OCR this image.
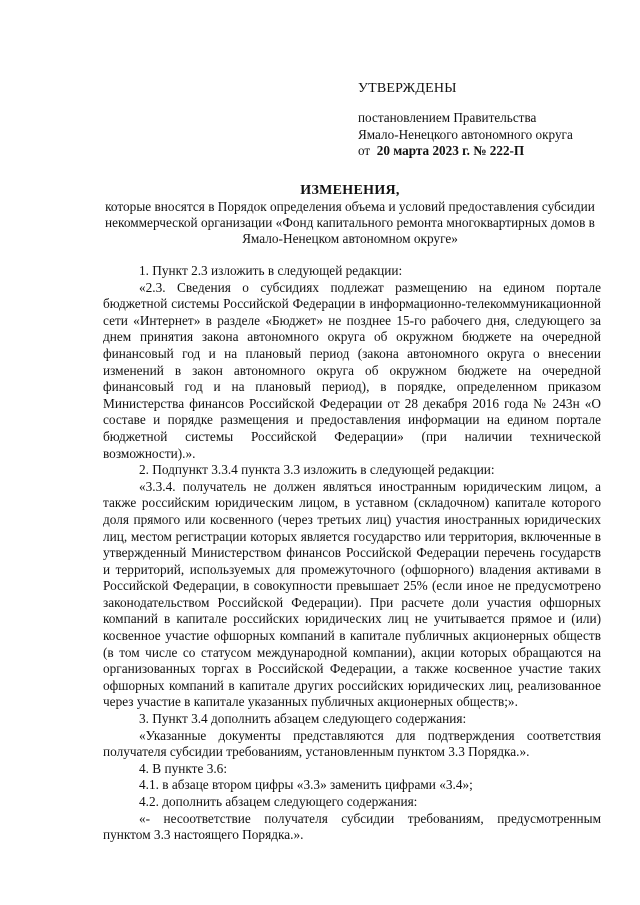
УТВЕРЖДЕНЫ
постановлением Правительства
Ямало-Ненецкого автономного округа
от 20 марта 2023 г. № 222-П
ИЗМЕНЕНИЯ,
которые вносятся в Порядок определения объема и условий предоставления субсидии некоммерческой организации «Фонд капитального ремонта многоквартирных домов в Ямало-Ненецком автономном округе»

1. Пункт 2.3 изложить в следующей редакции:

«2.3. Сведения о субсидиях подлежат размещению на едином портале бюджетной системы Российской Федерации в информационно-телекоммуникационной сети «Интернет» в разделе «Бюджет» не позднее 15-го рабочего дня, следующего за днем принятия закона автономного округа об окружном бюджете на очередной финансовый год и на плановый период (закона автономного округа о внесении изменений в закон автономного округа об окружном бюджете на очередной финансовый год и на плановый период), в порядке, определенном приказом Министерства финансов Российской Федерации от 28 декабря 2016 года № 243н «О составе и порядке размещения и предоставления информации на едином портале бюджетной системы Российской Федерации» (при наличии технической возможности).».

2. Подпункт 3.3.4 пункта 3.3 изложить в следующей редакции:

«3.3.4. получатель не должен являться иностранным юридическим лицом, а также российским юридическим лицом, в уставном (складочном) капитале которого доля прямого или косвенного (через третьих лиц) участия иностранных юридических лиц, местом регистрации которых является государство или территория, включенные в утвержденный Министерством финансов Российской Федерации перечень государств и территорий, используемых для промежуточного (офшорного) владения активами в Российской Федерации, в совокупности превышает 25% (если иное не предусмотрено законодательством Российской Федерации). При расчете доли участия офшорных компаний в капитале российских юридических лиц не учитывается прямое и (или) косвенное участие офшорных компаний в капитале публичных акционерных обществ (в том числе со статусом международной компании), акции которых обращаются на организованных торгах в Российской Федерации, а также косвенное участие таких офшорных компаний в капитале других российских юридических лиц, реализованное через участие в капитале указанных публичных акционерных обществ;».

3. Пункт 3.4 дополнить абзацем следующего содержания:

«Указанные документы представляются для подтверждения соответствия получателя субсидии требованиям, установленным пунктом 3.3 Порядка.».

4. В пункте 3.6:

4.1. в абзаце втором цифры «3.3» заменить цифрами «3.4»;

4.2. дополнить абзацем следующего содержания:

«- несоответствие получателя субсидии требованиям, предусмотренным пунктом 3.3 настоящего Порядка.».
